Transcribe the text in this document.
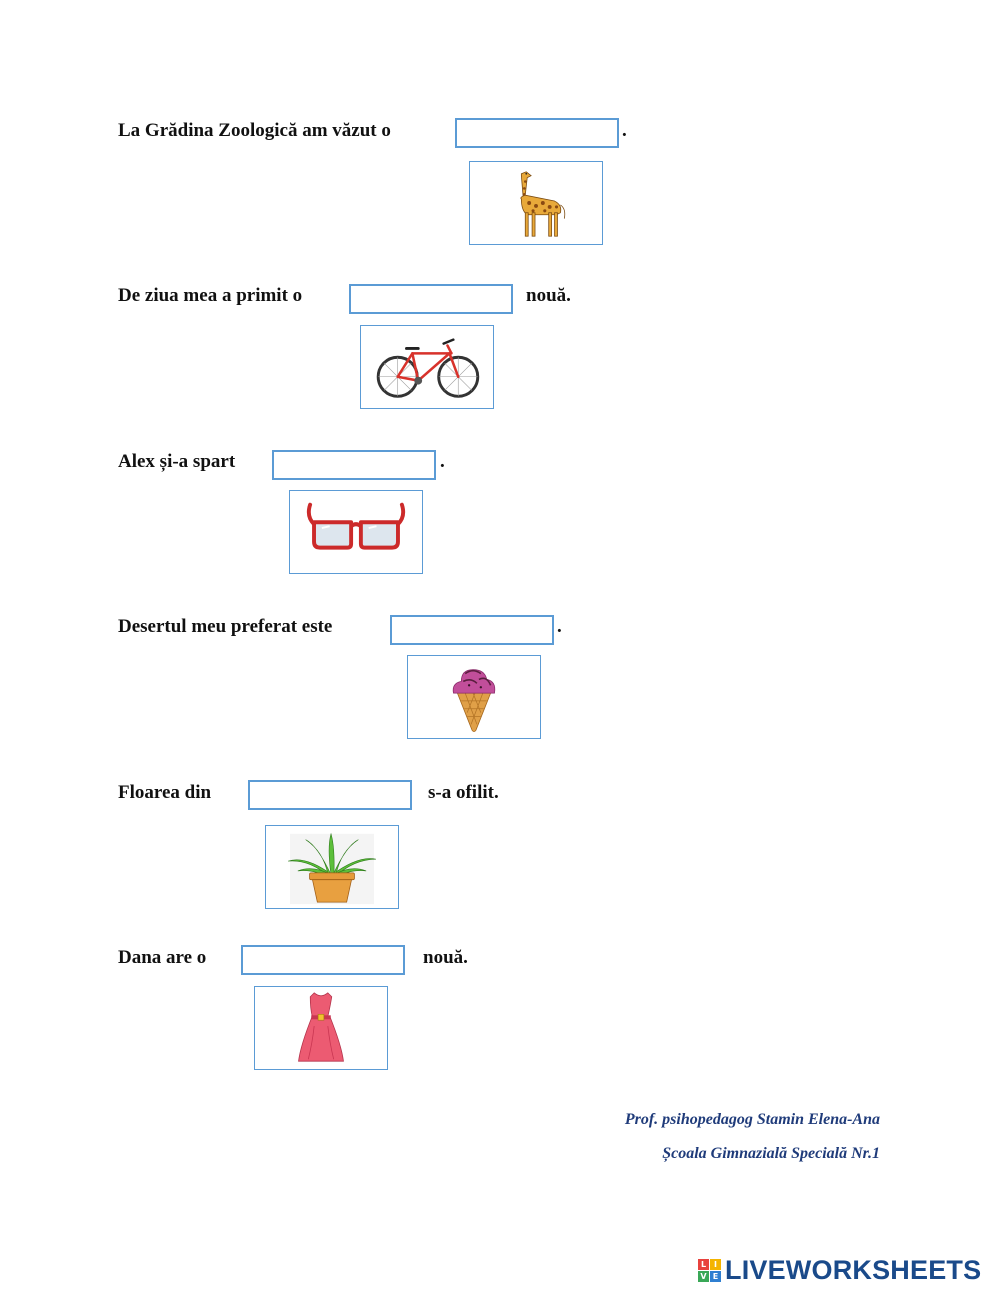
La Grădina Zoologică am văzut o	.
De ziua mea a primit o	nouă.
Alex și-a spart	.
Desertul meu preferat este	.
Floarea din	s-a ofilit.
Dana are o	nouă.
Prof. psihopedagog Stamin Elena-Ana
Școala Gimnazială Specială Nr.1
L I
V E LIVEWORKSHEETS
